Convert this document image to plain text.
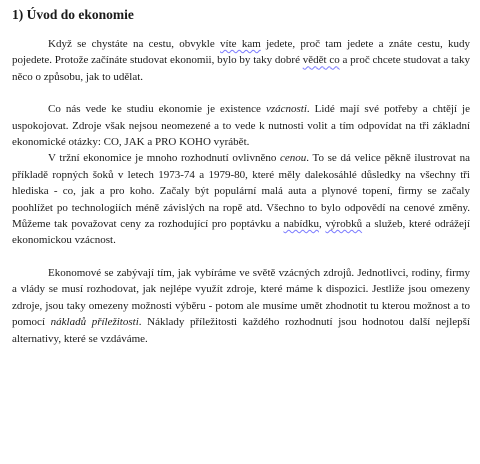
1) Úvod do ekonomie

Když se chystáte na cestu, obvykle víte kam jedete, proč tam jedete a znáte cestu, kudy pojedete. Protože začínáte studovat ekonomii, bylo by taky dobré vědět co a proč chcete studovat a taky něco o způsobu, jak to udělat.

Co nás vede ke studiu ekonomie je existence vzácnosti. Lidé mají své potřeby a chtějí je uspokojovat. Zdroje však nejsou neomezené a to vede k nutnosti volit a tím odpovídat na tři základní ekonomické otázky: CO, JAK a PRO KOHO vyrábět.

V tržní ekonomice je mnoho rozhodnutí ovlivněno cenou. To se dá velice pěkně ilustrovat na příkladě ropných šoků v letech 1973-74 a 1979-80, které měly dalekosáhlé důsledky na všechny tři hlediska - co, jak a pro koho. Začaly být populární malá auta a plynové topení, firmy se začaly poohlížet po technologiích méně závislých na ropě atd. Všechno to bylo odpovědí na cenové změny. Můžeme tak považovat ceny za rozhodující pro poptávku a nabídku, výrobků a služeb, které odrážejí ekonomickou vzácnost.

Ekonomové se zabývají tím, jak vybíráme ve světě vzácných zdrojů. Jednotlivci, rodiny, firmy a vlády se musí rozhodovat, jak nejlépe využít zdroje, které máme k dispozici. Jestliže jsou omezeny zdroje, jsou taky omezeny možnosti výběru - potom ale musíme umět zhodnotit tu kterou možnost a to pomocí nákladů příležitosti. Náklady příležitosti každého rozhodnutí jsou hodnotou další nejlepší alternativy, které se vzdáváme.
